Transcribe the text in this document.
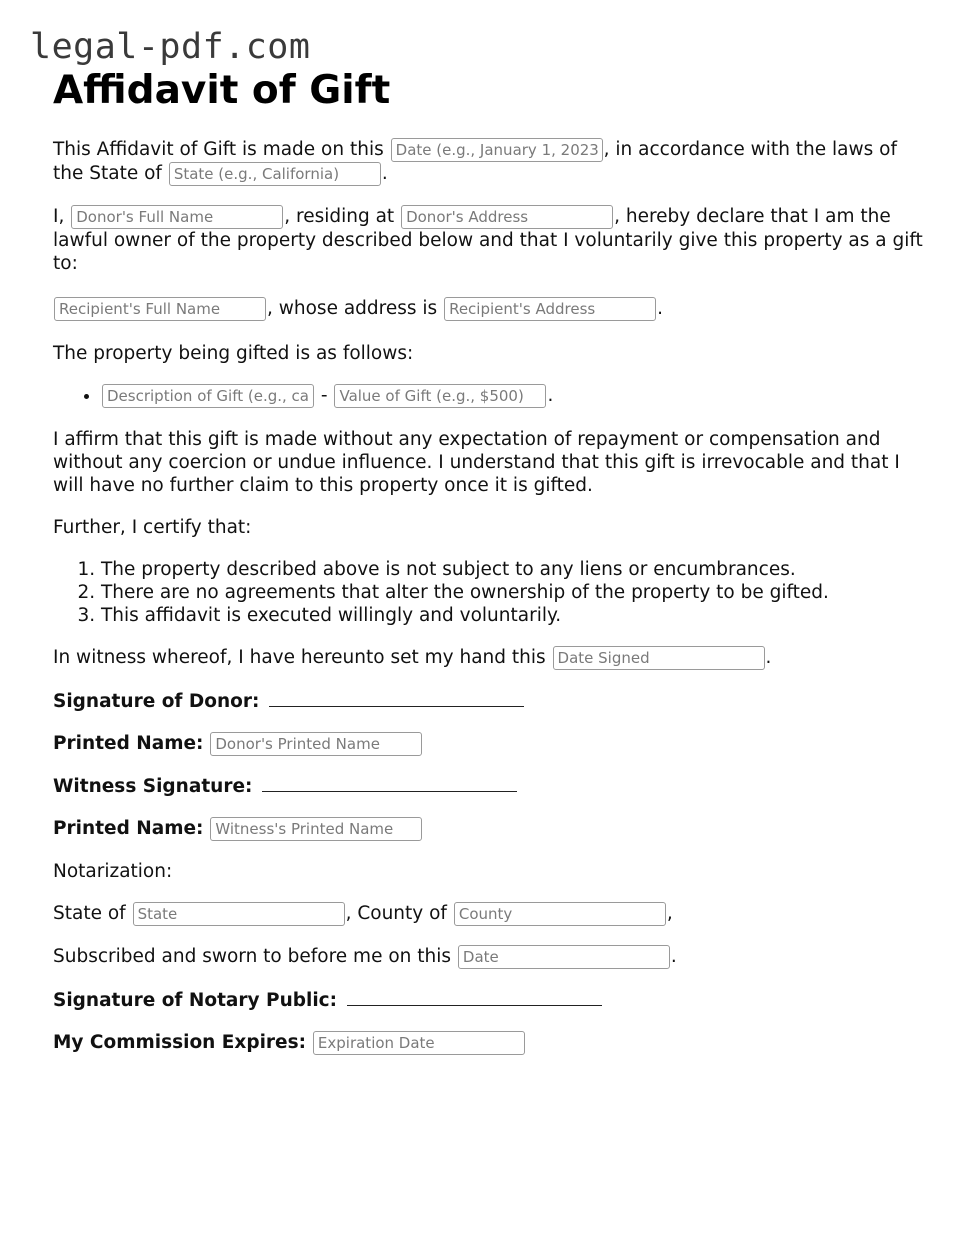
legal-pdf.com
Affidavit of Gift

This Affidavit of Gift is made on this Date (e.g., January 1, 2023)	, in accordance with the laws of the State of State (e.g., California)	.

I, Donor's Full Name	, residing at Donor's Address	, hereby declare that I am the lawful owner of the property described below and that I voluntarily give this property as a gift to:

Recipient's Full Name, whose address is Recipient's Address	.

The property being gifted is as follows:

Description of Gift (e.g., car, jewelry) • - Value of Gift (e.g., $500)	.

I affirm that this gift is made without any expectation of repayment or compensation and without any coercion or undue influence. I understand that this gift is irrevocable and that I will have no further claim to this property once it is gifted.

Further, I certify that:

1. The property described above is not subject to any liens or encumbrances.
2. There are no agreements that alter the ownership of the property to be gifted.
3. This affidavit is executed willingly and voluntarily.

In witness whereof, I have hereunto set my hand this Date Signed	.

Signature of Donor:

Printed Name: Donor's Printed Name

Witness Signature:

Printed Name: Witness's Printed Name

Notarization:

State of State	, County of County	,

Subscribed and sworn to before me on this Date	.

Signature of Notary Public:

My Commission Expires: Expiration Date
